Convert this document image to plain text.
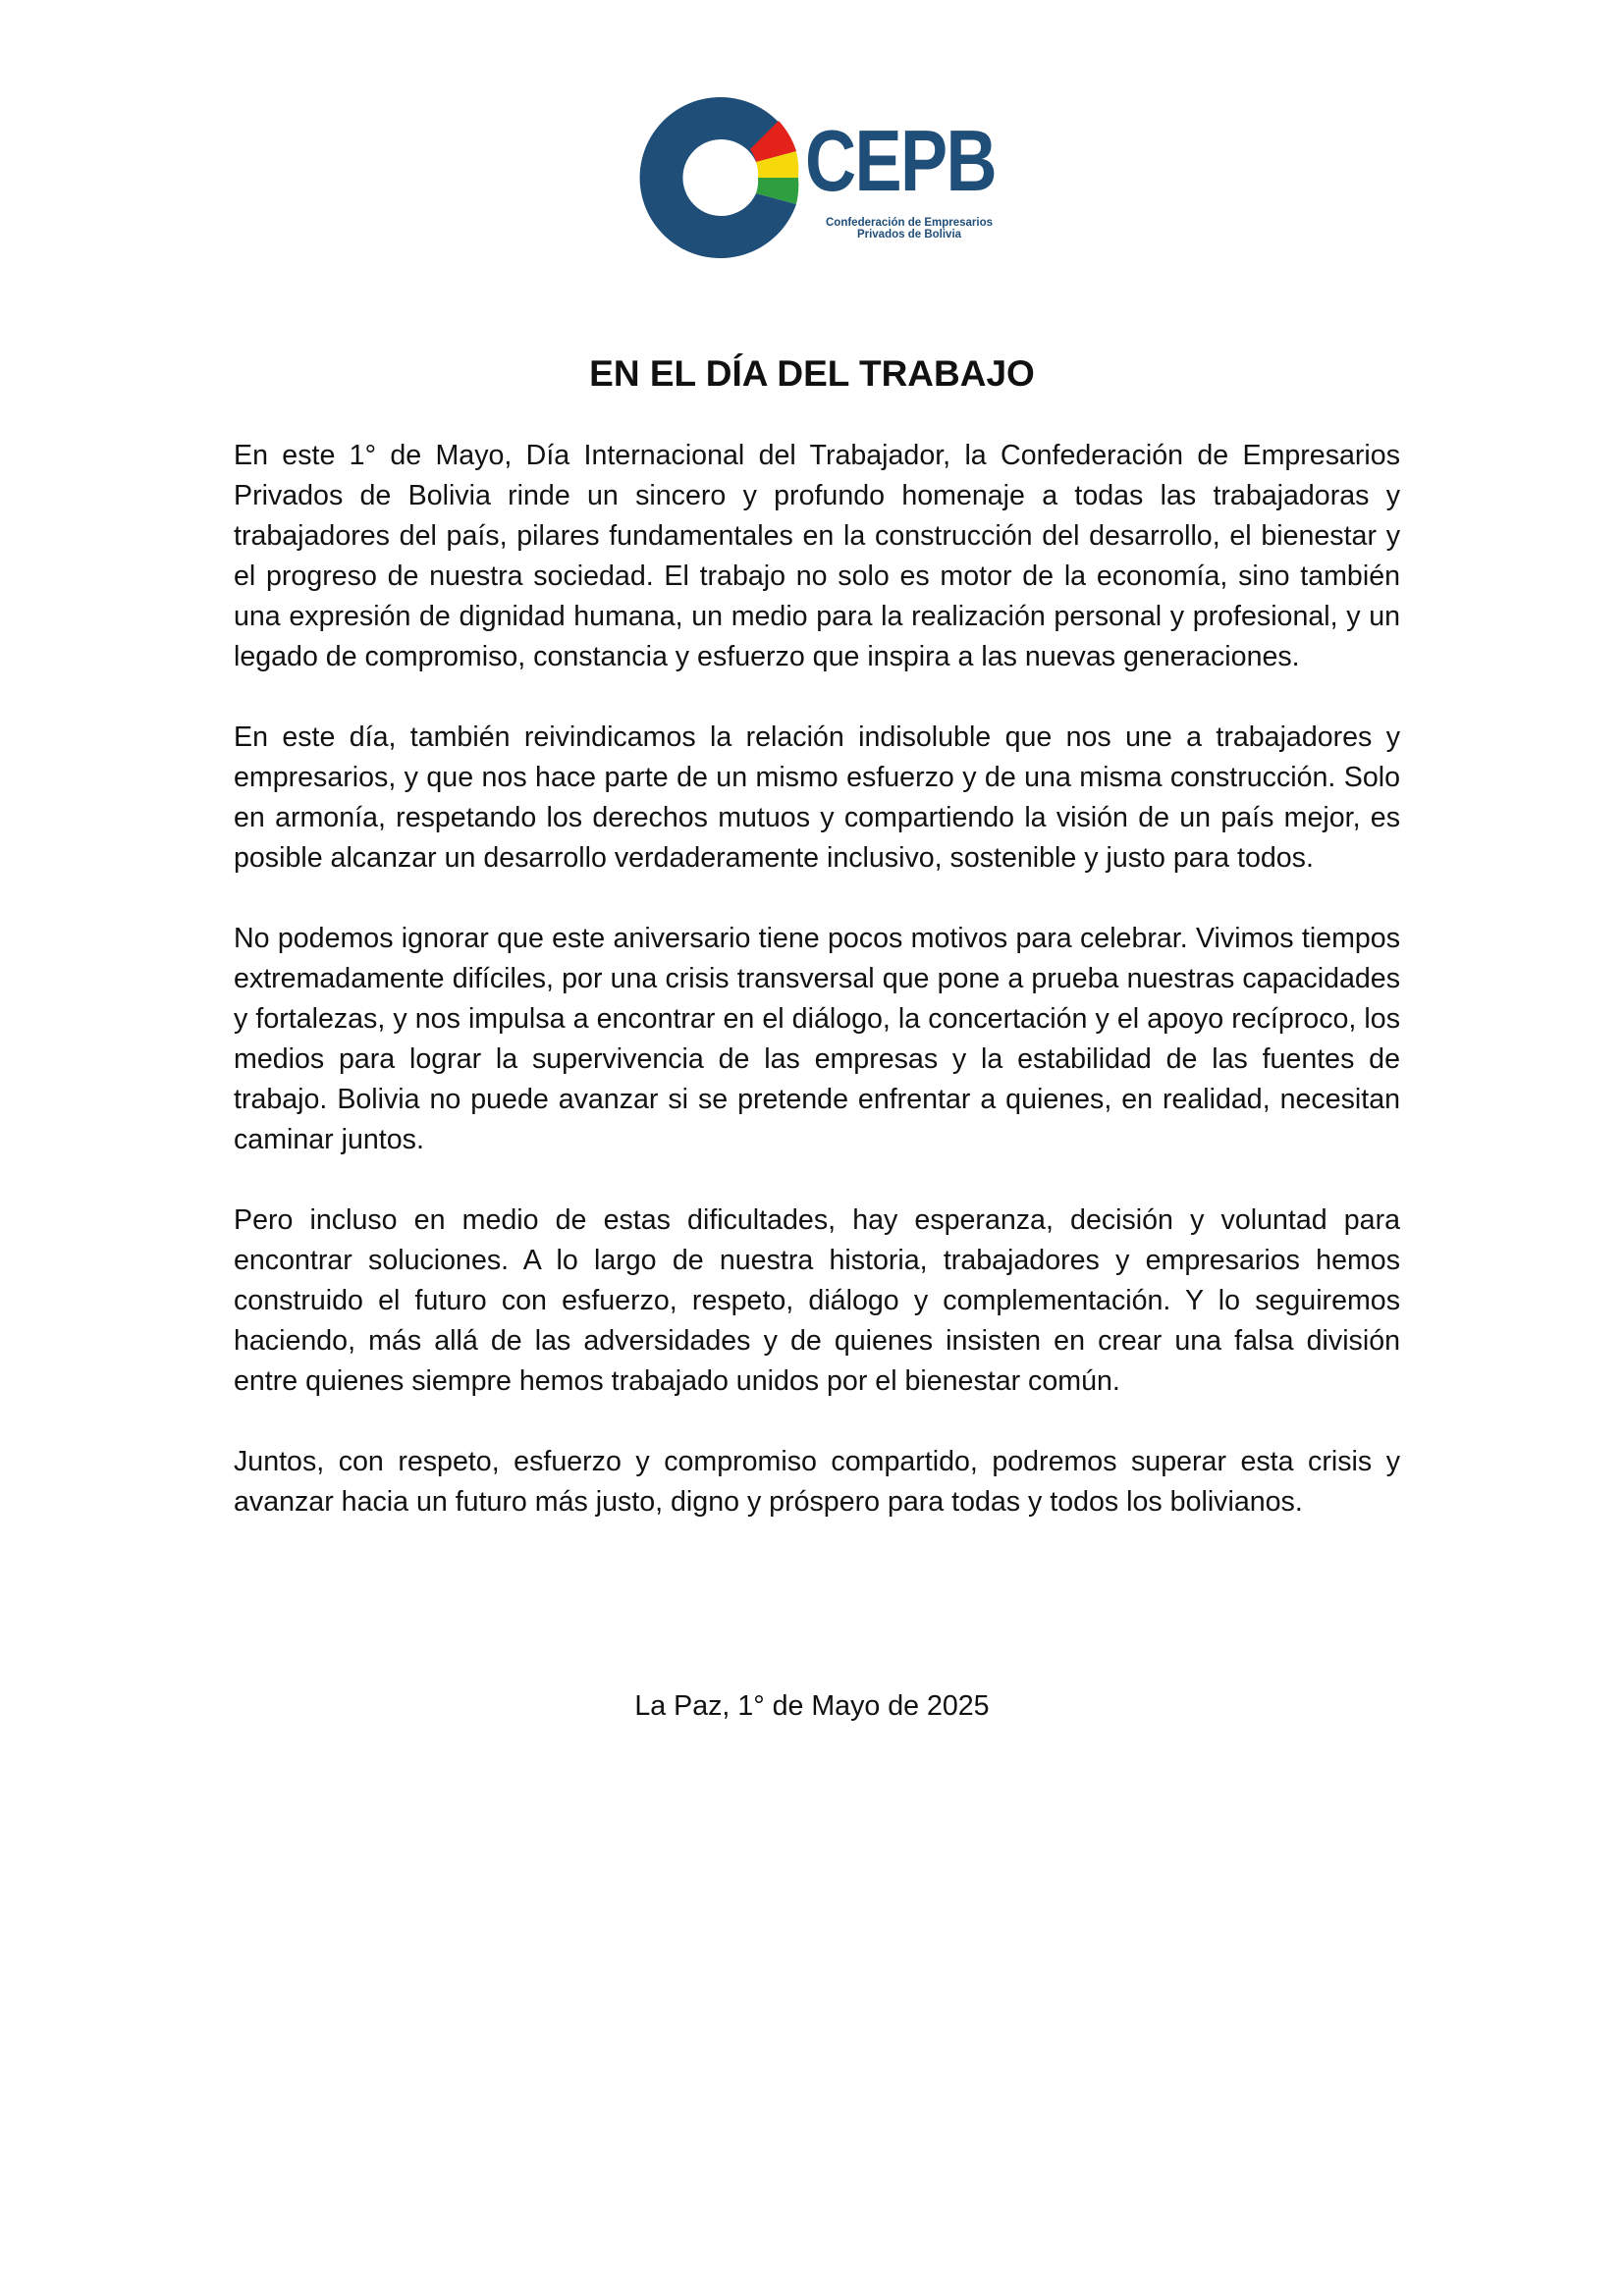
CEPB
Confederación de Empresarios
Privados de Bolivia
EN EL DÍA DEL TRABAJO

En este 1° de Mayo, Día Internacional del Trabajador, la Confederación de Empresarios Privados de Bolivia rinde un sincero y profundo homenaje a todas las trabajadoras y trabajadores del país, pilares fundamentales en la construcción del desarrollo, el bienestar y el progreso de nuestra sociedad. El trabajo no solo es motor de la economía, sino también una expresión de dignidad humana, un medio para la realización personal y profesional, y un legado de compromiso, constancia y esfuerzo que inspira a las nuevas generaciones.

En este día, también reivindicamos la relación indisoluble que nos une a trabajadores y empresarios, y que nos hace parte de un mismo esfuerzo y de una misma construcción. Solo en armonía, respetando los derechos mutuos y compartiendo la visión de un país mejor, es posible alcanzar un desarrollo verdaderamente inclusivo, sostenible y justo para todos.

No podemos ignorar que este aniversario tiene pocos motivos para celebrar. Vivimos tiempos extremadamente difíciles, por una crisis transversal que pone a prueba nuestras capacidades y fortalezas, y nos impulsa a encontrar en el diálogo, la concertación y el apoyo recíproco, los medios para lograr la supervivencia de las empresas y la estabilidad de las fuentes de trabajo. Bolivia no puede avanzar si se pretende enfrentar a quienes, en realidad, necesitan caminar juntos.

Pero incluso en medio de estas dificultades, hay esperanza, decisión y voluntad para encontrar soluciones. A lo largo de nuestra historia, trabajadores y empresarios hemos construido el futuro con esfuerzo, respeto, diálogo y complementación. Y lo seguiremos haciendo, más allá de las adversidades y de quienes insisten en crear una falsa división entre quienes siempre hemos trabajado unidos por el bienestar común.

Juntos, con respeto, esfuerzo y compromiso compartido, podremos superar esta crisis y avanzar hacia un futuro más justo, digno y próspero para todas y todos los bolivianos.

La Paz, 1° de Mayo de 2025
